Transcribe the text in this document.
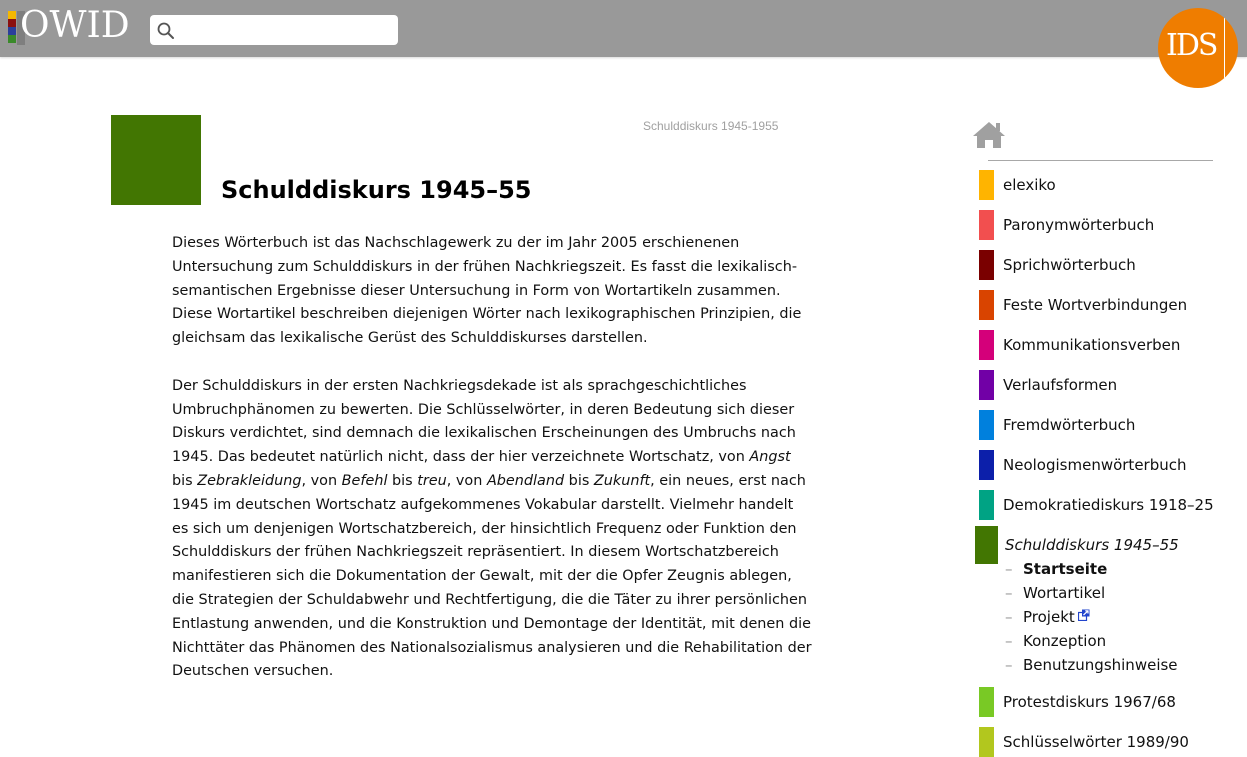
OWID	IDS
Schulddiskurs 1945-1955
Schulddiskurs 1945–55

Dieses Wörterbuch ist das Nachschlagewerk zu der im Jahr 2005 erschienenen Untersuchung zum Schulddiskurs in der frühen Nachkriegszeit. Es fasst die lexikalisch-semantischen Ergebnisse dieser Untersuchung in Form von Wortartikeln zusammen. Diese Wortartikel beschreiben diejenigen Wörter nach lexikographischen Prinzipien, die gleichsam das lexikalische Gerüst des Schulddiskurses darstellen.

Der Schulddiskurs in der ersten Nachkriegsdekade ist als sprachgeschichtliches Umbruchphänomen zu bewerten. Die Schlüsselwörter, in deren Bedeutung sich dieser Diskurs verdichtet, sind demnach die lexikalischen Erscheinungen des Umbruchs nach 1945. Das bedeutet natürlich nicht, dass der hier verzeichnete Wortschatz, von Angst bis Zebrakleidung, von Befehl bis treu, von Abendland bis Zukunft, ein neues, erst nach 1945 im deutschen Wortschatz aufgekommenes Vokabular darstellt. Vielmehr handelt es sich um denjenigen Wortschatzbereich, der hinsichtlich Frequenz oder Funktion den Schulddiskurs der frühen Nachkriegszeit repräsentiert. In diesem Wortschatzbereich manifestieren sich die Dokumentation der Gewalt, mit der die Opfer Zeugnis ablegen, die Strategien der Schuldabwehr und Rechtfertigung, die die Täter zu ihrer persönlichen Entlastung anwenden, und die Konstruktion und Demontage der Identität, mit denen die Nichttäter das Phänomen des Nationalsozialismus analysieren und die Rehabilitation der Deutschen versuchen.

elexiko
Paronymwörterbuch
Sprichwörterbuch
Feste Wortverbindungen
Kommunikationsverben
Verlaufsformen
Fremdwörterbuch
Neologismenwörterbuch
Demokratiediskurs 1918–25
Schulddiskurs 1945–55
– Startseite
– Wortartikel
– Projekt
– Konzeption
– Benutzungshinweise
Protestdiskurs 1967/68
Schlüsselwörter 1989/90
